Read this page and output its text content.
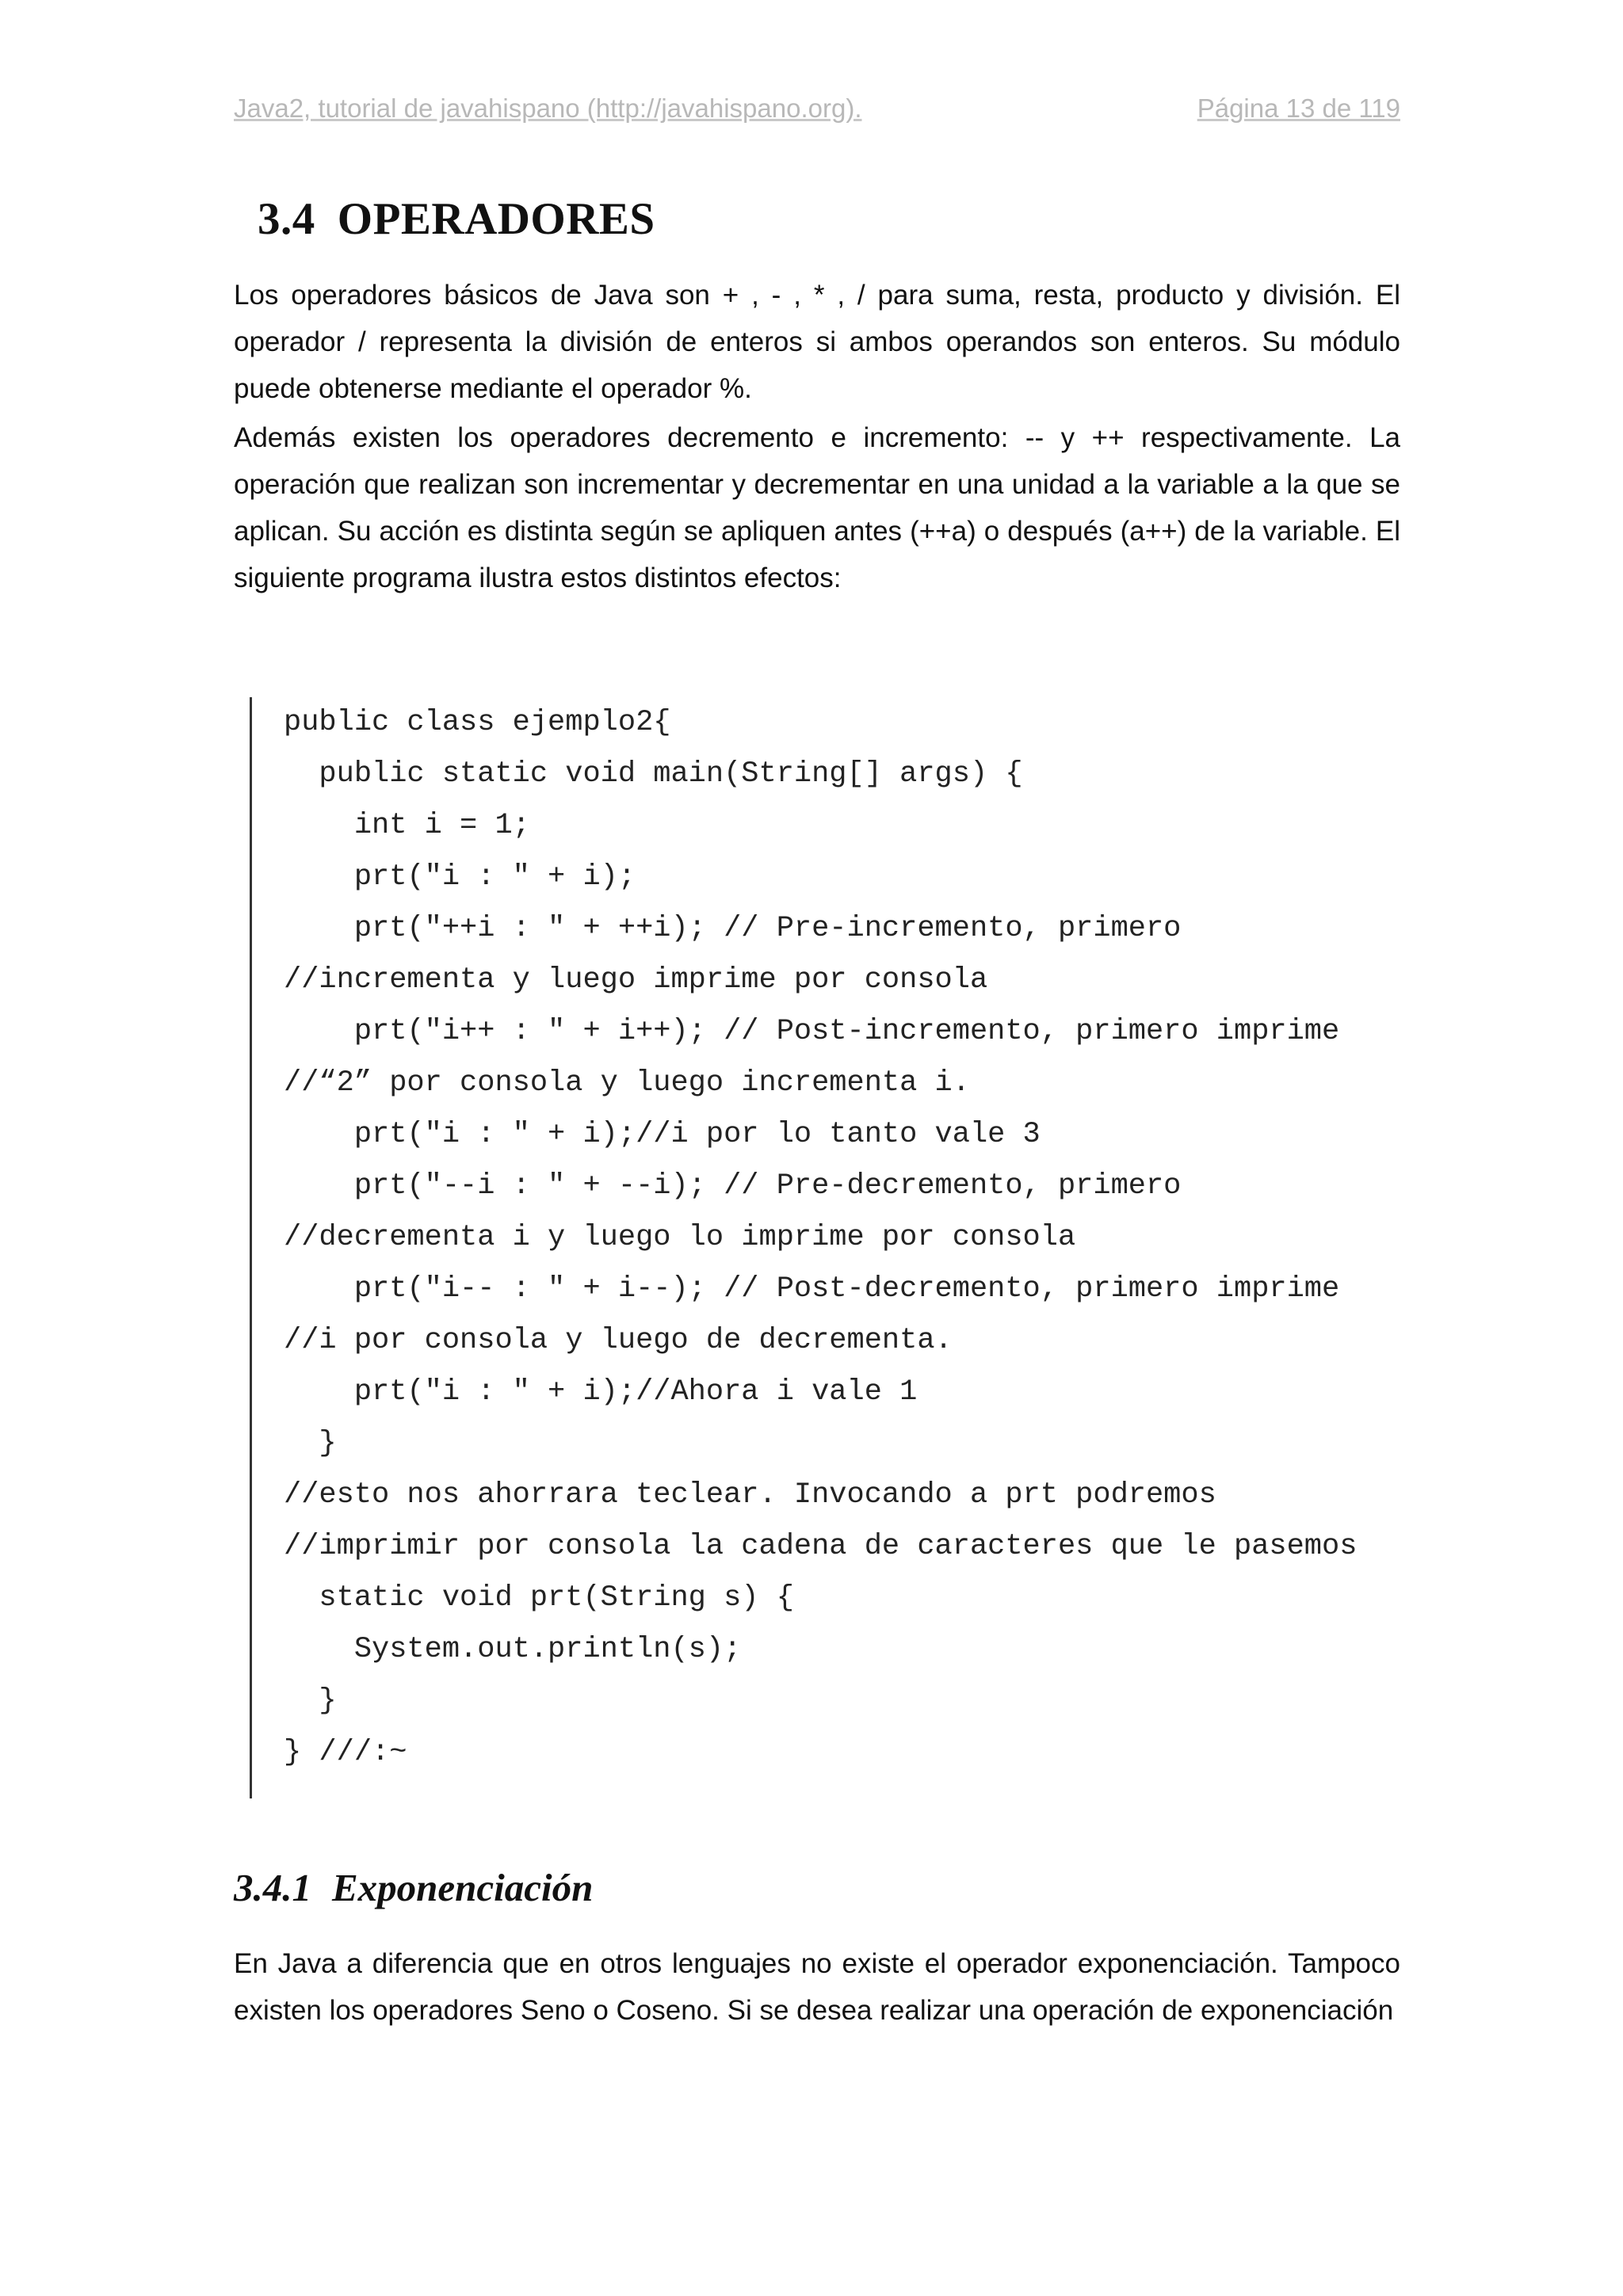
Java2, tutorial de javahispano (http://javahispano.org).	Página 13 de 119
3.4 OPERADORES

Los operadores básicos de Java son + , - , * , / para suma, resta, producto y división. El operador / representa la división de enteros si ambos operandos son enteros. Su módulo puede obtenerse mediante el operador %.

Además existen los operadores decremento e incremento: -- y ++ respectivamente. La operación que realizan son incrementar y decrementar en una unidad a la variable a la que se aplican. Su acción es distinta según se apliquen antes (++a) o después (a++) de la variable. El siguiente programa ilustra estos distintos efectos:

public class ejemplo2{
public static void main(String[] args) {
int i = 1;
prt("i : " + i);
prt("++i : " + ++i); // Pre-incremento, primero
//incrementa y luego imprime por consola
prt("i++ : " + i++); // Post-incremento, primero imprime
//“2” por consola y luego incrementa i.
prt("i : " + i);//i por lo tanto vale 3
prt("--i : " + --i); // Pre-decremento, primero
//decrementa i y luego lo imprime por consola
prt("i-- : " + i--); // Post-decremento, primero imprime
//i por consola y luego de decrementa.
prt("i : " + i);//Ahora i vale 1
}
//esto nos ahorrara teclear. Invocando a prt podremos
//imprimir por consola la cadena de caracteres que le pasemos
static void prt(String s) {
System.out.println(s);
}
} ///:~
3.4.1 Exponenciación

En Java a diferencia que en otros lenguajes no existe el operador exponenciación. Tampoco existen los operadores Seno o Coseno. Si se desea realizar una operación de exponenciación
